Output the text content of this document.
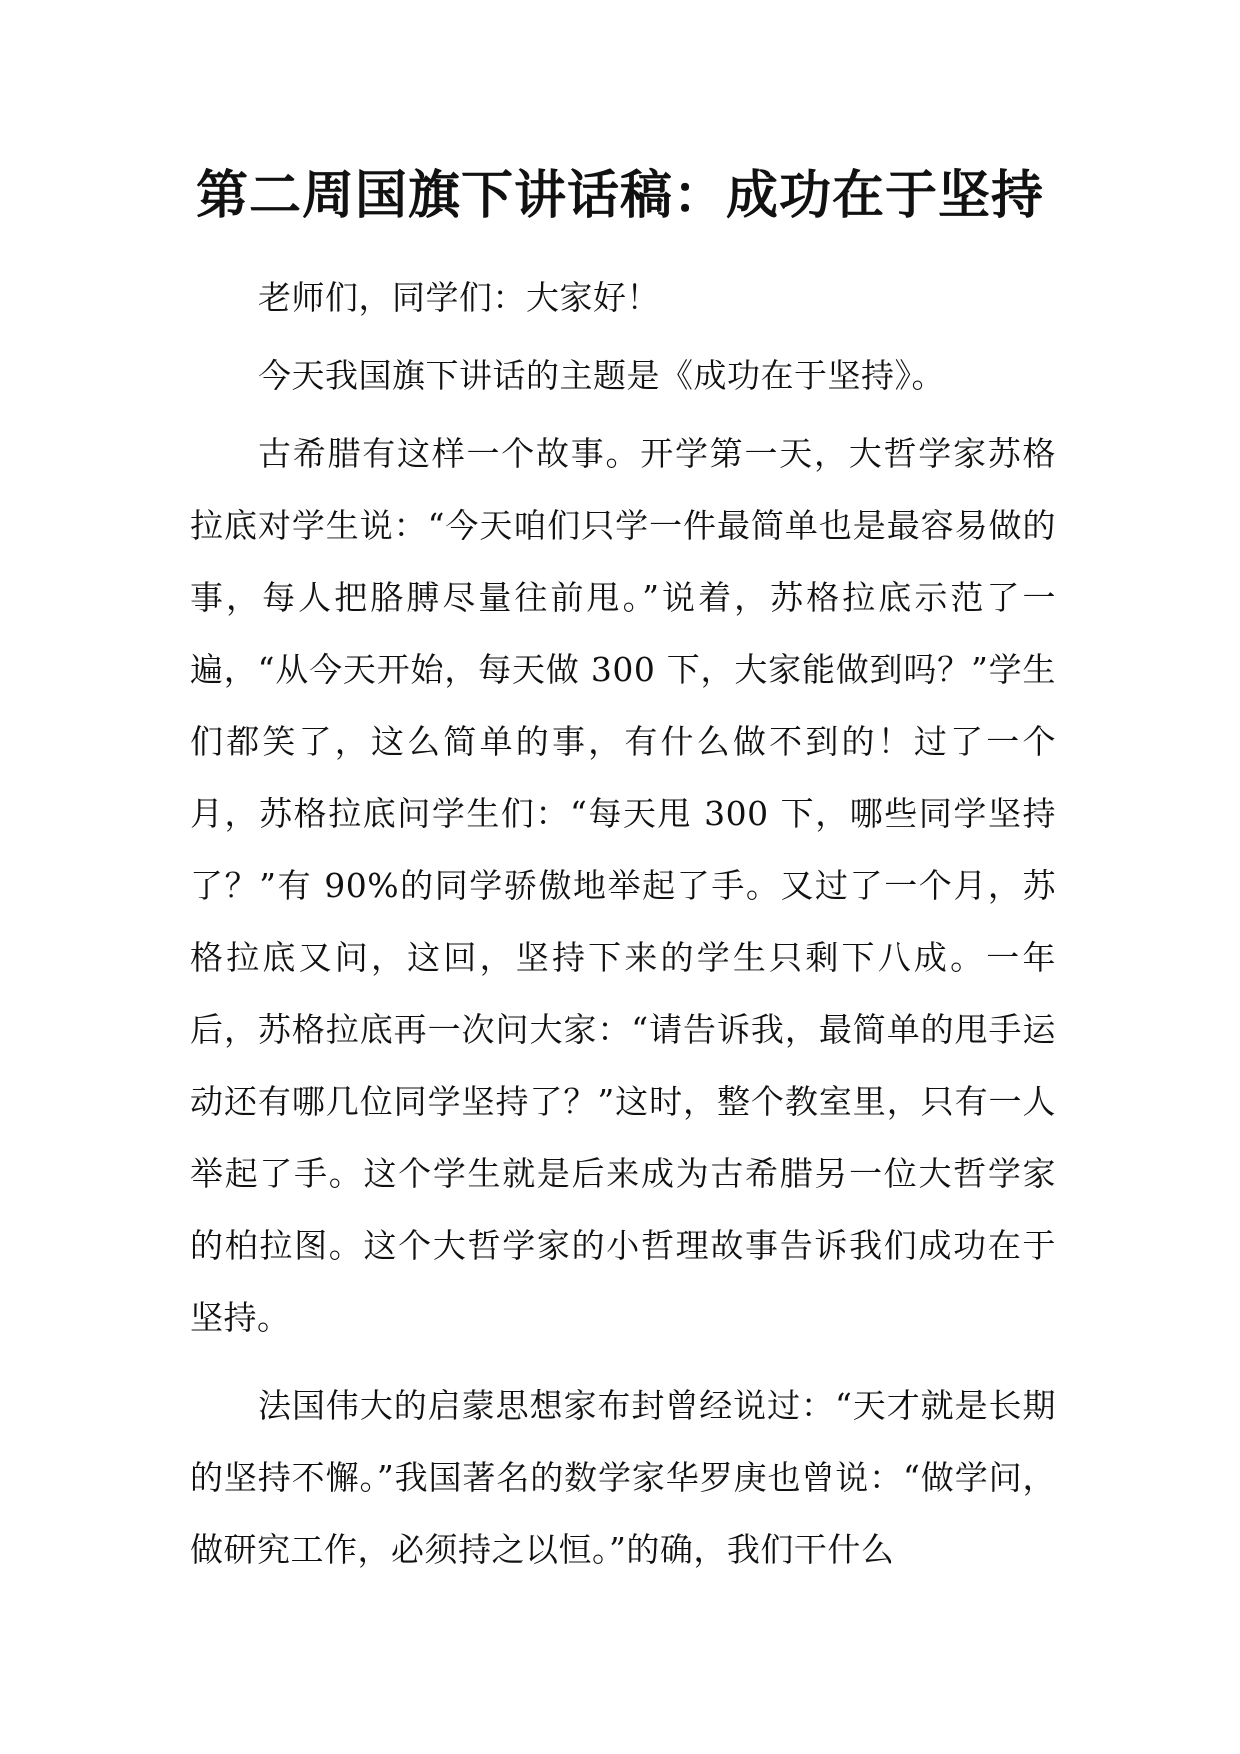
第二周国旗下讲话稿：成功在于坚持

老师们，同学们：大家好！

今天我国旗下讲话的主题是《成功在于坚持》。

古希腊有这样一个故事。开学第一天，大哲学家苏格拉底对学生说：“今天咱们只学一件最简单也是最容易做的事，每人把胳膊尽量往前甩。”说着，苏格拉底示范了一遍，“从今天开始，每天做 300 下，大家能做到吗？”学生们都笑了，这么简单的事，有什么做不到的！过了一个月，苏格拉底问学生们：“每天甩 300 下，哪些同学坚持了？”有 90%的同学骄傲地举起了手。又过了一个月，苏格拉底又问，这回，坚持下来的学生只剩下八成。一年后，苏格拉底再一次问大家：“请告诉我，最简单的甩手运动还有哪几位同学坚持了？”这时，整个教室里，只有一人举起了手。这个学生就是后来成为古希腊另一位大哲学家的柏拉图。这个大哲学家的小哲理故事告诉我们成功在于坚持。

法国伟大的启蒙思想家布封曾经说过：“天才就是长期的坚持不懈。”我国著名的数学家华罗庚也曾说：“做学问，做研究工作，必须持之以恒。”的确，我们干什么
